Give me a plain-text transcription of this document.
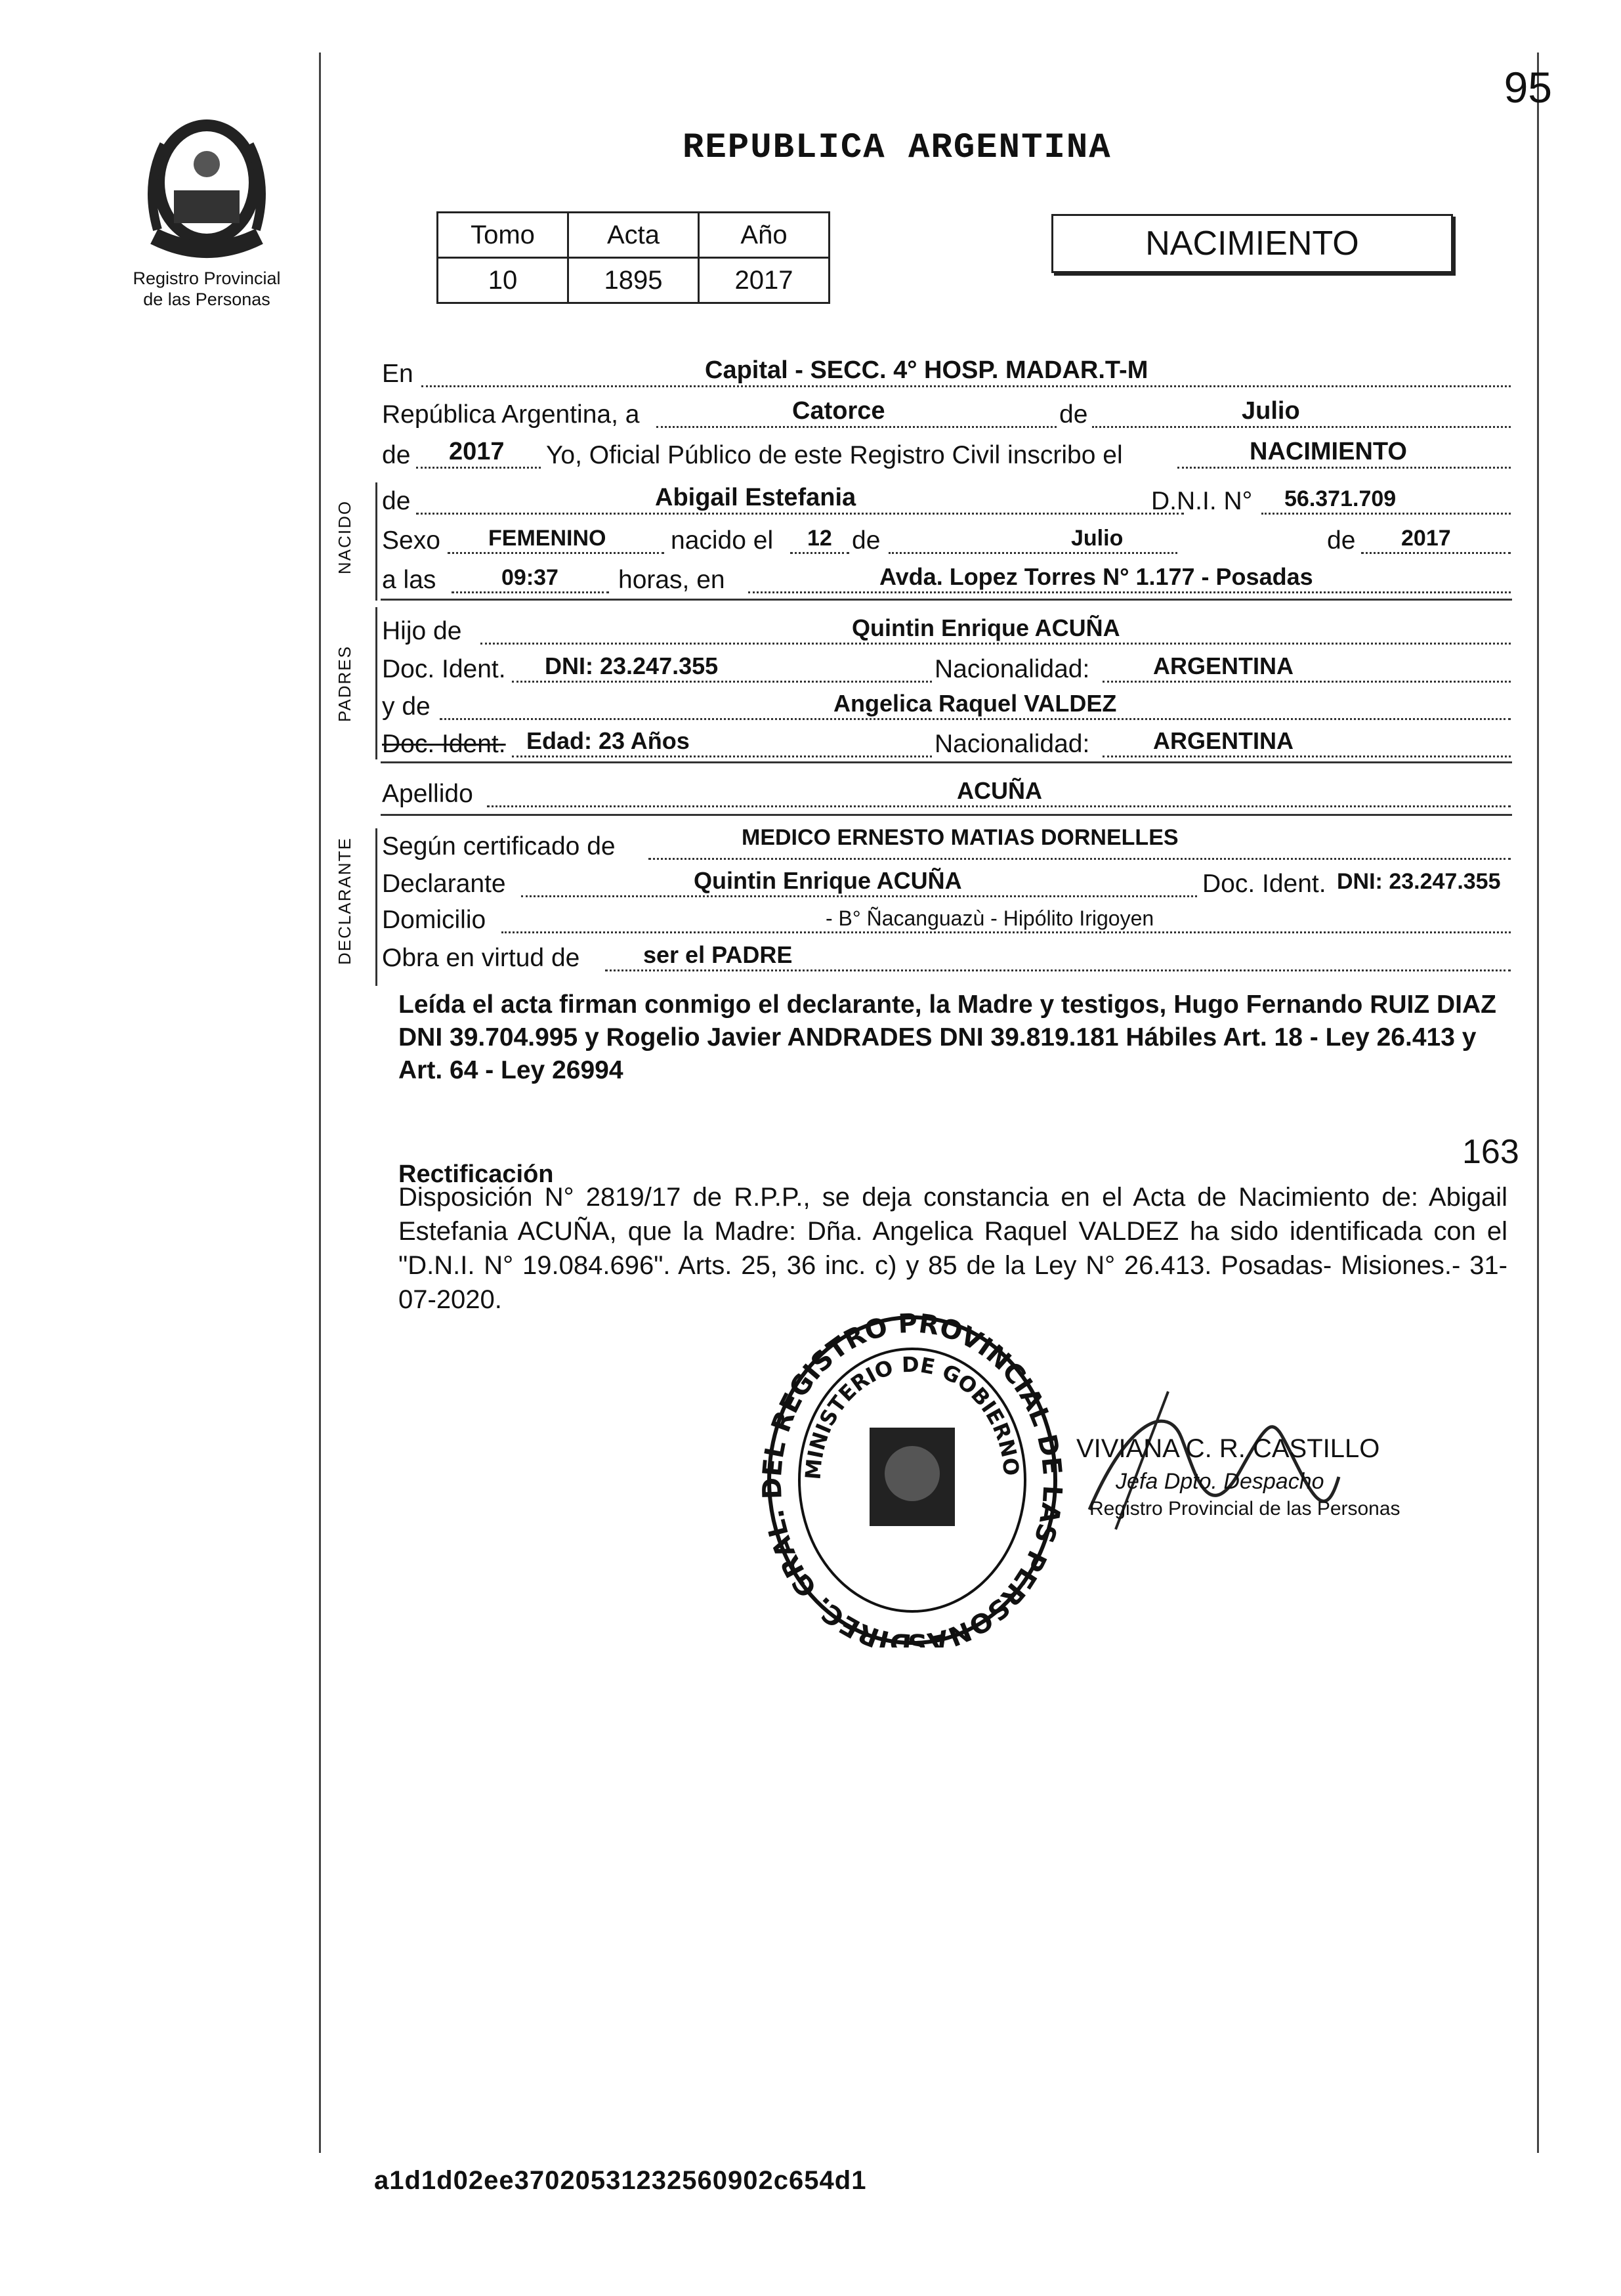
Registro Provincial
de las Personas
95
REPUBLICA ARGENTINA
Tomo	Acta	Año
10	1895	2017
NACIMIENTO
En	Capital - SECC. 4° HOSP. MADAR.T-M
República Argentina, a	Catorce	de	Julio
de 2017 Yo, Oficial Público de este Registro Civil inscribo el	NACIMIENTO
NACIDO de	Abigail Estefania	D.N.I. N° 56.371.709
Sexo FEMENINO	nacido el 12 de	Julio	de 2017
a las	09:37 horas, en	Avda. Lopez Torres N° 1.177 - Posadas
PADRES
Hijo de	Quintin Enrique ACUÑA
Doc. Ident. DNI: 23.247.355	Nacionalidad:	ARGENTINA
y de	Angelica Raquel VALDEZ
Doc. Ident. Edad: 23 Años	Nacionalidad:	ARGENTINA
Apellido	ACUÑA
DECLARANTE Según certificado de	MEDICO ERNESTO MATIAS DORNELLES
Declarante	Quintin Enrique ACUÑA	Doc. Ident. DNI: 23.247.355
Domicilio	- B° Ñacanguazù - Hipólito Irigoyen
Obra en virtud de	ser el PADRE
Leída el acta firman conmigo el declarante, la Madre y testigos, Hugo Fernando RUIZ DIAZ DNI 39.704.995 y Rogelio Javier ANDRADES DNI 39.819.181 Hábiles Art. 18 - Ley 26.413 y Art. 64 - Ley 26994
163
Rectificación
Disposición N° 2819/17 de R.P.P., se deja constancia en el Acta de Nacimiento de: Abigail Estefania ACUÑA, que la Madre: Dña. Angelica Raquel VALDEZ ha sido identificada con el "D.N.I. N° 19.084.696". Arts. 25, 36 inc. c) y 85 de la Ley N° 26.413. Posadas- Misiones.- 31-07-2020.
DIREC. GRAL. L REGISTRO PROVINCIAL D AS PERSONAS
MINISTERIO DE GOBIERNO
VIVIANA C. R. CASTILLO
Jefa Dpto. Despacho
Registro Provincial de las Personas
a1d1d02ee37020531232560902c654d1
